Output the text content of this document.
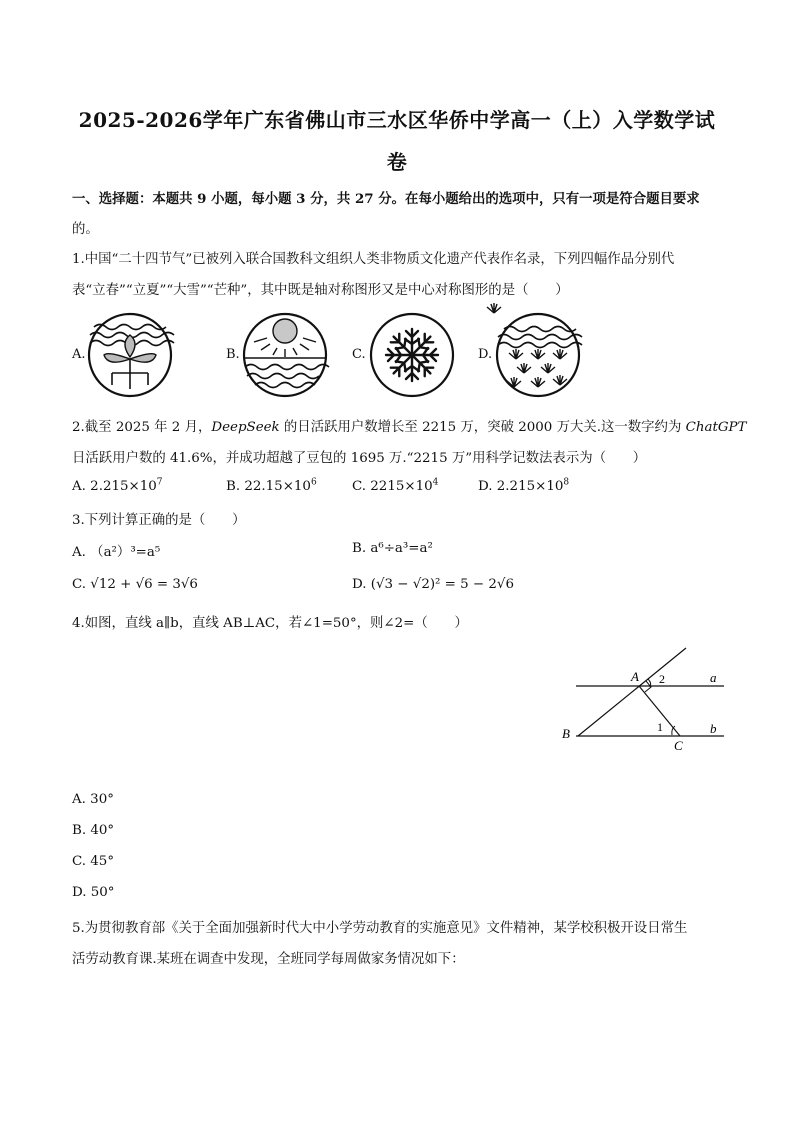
2025-2026学年广东省佛山市三水区华侨中学高一（上）入学数学试
卷
一、选择题：本题共 9 小题，每小题 3 分，共 27 分。在每小题给出的选项中，只有一项是符合题目要求
的。
1.中国“二十四节气”已被列入联合国教科文组织人类非物质文化遗产代表作名录，下列四幅作品分别代
表“立春”“立夏”“大雪”“芒种”，其中既是轴对称图形又是中心对称图形的是（　　）
A.	B.	C.	D.
2.截至 2025 年 2 月，DeepSeek 的日活跃用户数增长至 2215 万，突破 2000 万大关.这一数字约为 ChatGPT
日活跃用户数的 41.6%，并成功超越了豆包的 1695 万.“2215 万”用科学记数法表示为（　　）
A. $2.215\times 10^7$	B. $22.15\times 10^6$	C. $2215\times 10^4$	D. $2.215\times 10^8$
3.下列计算正确的是（　　）
A. （a²）³=a⁵	B. a⁶÷a³=a²
C. √12 + √6 = 3√6	D. (√3 − √2)² = 5 − 2√6
4.如图，直线 a∥b，直线 AB⊥AC，若∠1=50°，则∠2=（　　）
A 2	a
1	b
B
C
A. 30°
B. 40°
C. 45°
D. 50°
5.为贯彻教育部《关于全面加强新时代大中小学劳动教育的实施意见》文件精神，某学校积极开设日常生
活劳动教育课.某班在调查中发现，全班同学每周做家务情况如下：
